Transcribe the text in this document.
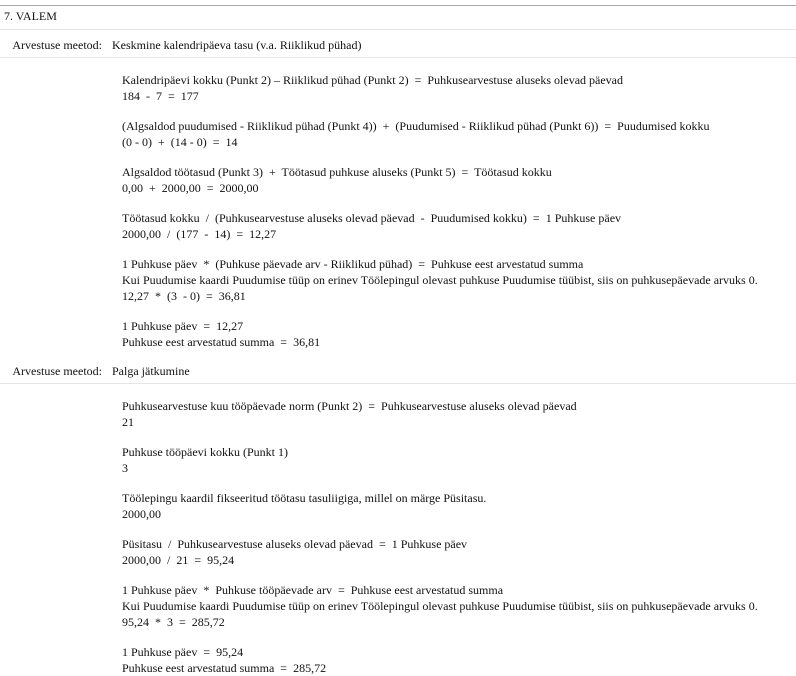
7. VALEM
Arvestuse meetod: Keskmine kalendripäeva tasu (v.a. Riiklikud pühad)
Kalendripäevi kokku (Punkt 2) – Riiklikud pühad (Punkt 2)  =  Puhkusearvestuse aluseks olevad päevad
184  -  7  =  177
(Algsaldod puudumised - Riiklikud pühad (Punkt 4))  +  (Puudumised - Riiklikud pühad (Punkt 6))  =  Puudumised kokku
(0 - 0)  +  (14 - 0)  =  14
Algsaldod töötasud (Punkt 3)  +  Töötasud puhkuse aluseks (Punkt 5)  =  Töötasud kokku
0,00  +  2000,00  =  2000,00
Töötasud kokku  /  (Puhkusearvestuse aluseks olevad päevad  -  Puudumised kokku)  =  1 Puhkuse päev
2000,00  /  (177  -  14)  =  12,27
1 Puhkuse päev  *  (Puhkuse päevade arv - Riiklikud pühad)  =  Puhkuse eest arvestatud summa
Kui Puudumise kaardi Puudumise tüüp on erinev Töölepingul olevast puhkuse Puudumise tüübist, siis on puhkusepäevade arvuks 0.
12,27  *  (3  - 0)  =  36,81
1 Puhkuse päev  =  12,27
Puhkuse eest arvestatud summa  =  36,81
Arvestuse meetod: Palga jätkumine
Puhkusearvestuse kuu tööpäevade norm (Punkt 2)  =  Puhkusearvestuse aluseks olevad päevad
21
Puhkuse tööpäevi kokku (Punkt 1)
3
Töölepingu kaardil fikseeritud töötasu tasuliigiga, millel on märge Püsitasu.
2000,00
Püsitasu  /  Puhkusearvestuse aluseks olevad päevad  =  1 Puhkuse päev
2000,00  /  21  =  95,24
1 Puhkuse päev  *  Puhkuse tööpäevade arv  =  Puhkuse eest arvestatud summa
Kui Puudumise kaardi Puudumise tüüp on erinev Töölepingul olevast puhkuse Puudumise tüübist, siis on puhkusepäevade arvuks 0.
95,24  *  3  =  285,72
1 Puhkuse päev  =  95,24
Puhkuse eest arvestatud summa  =  285,72
